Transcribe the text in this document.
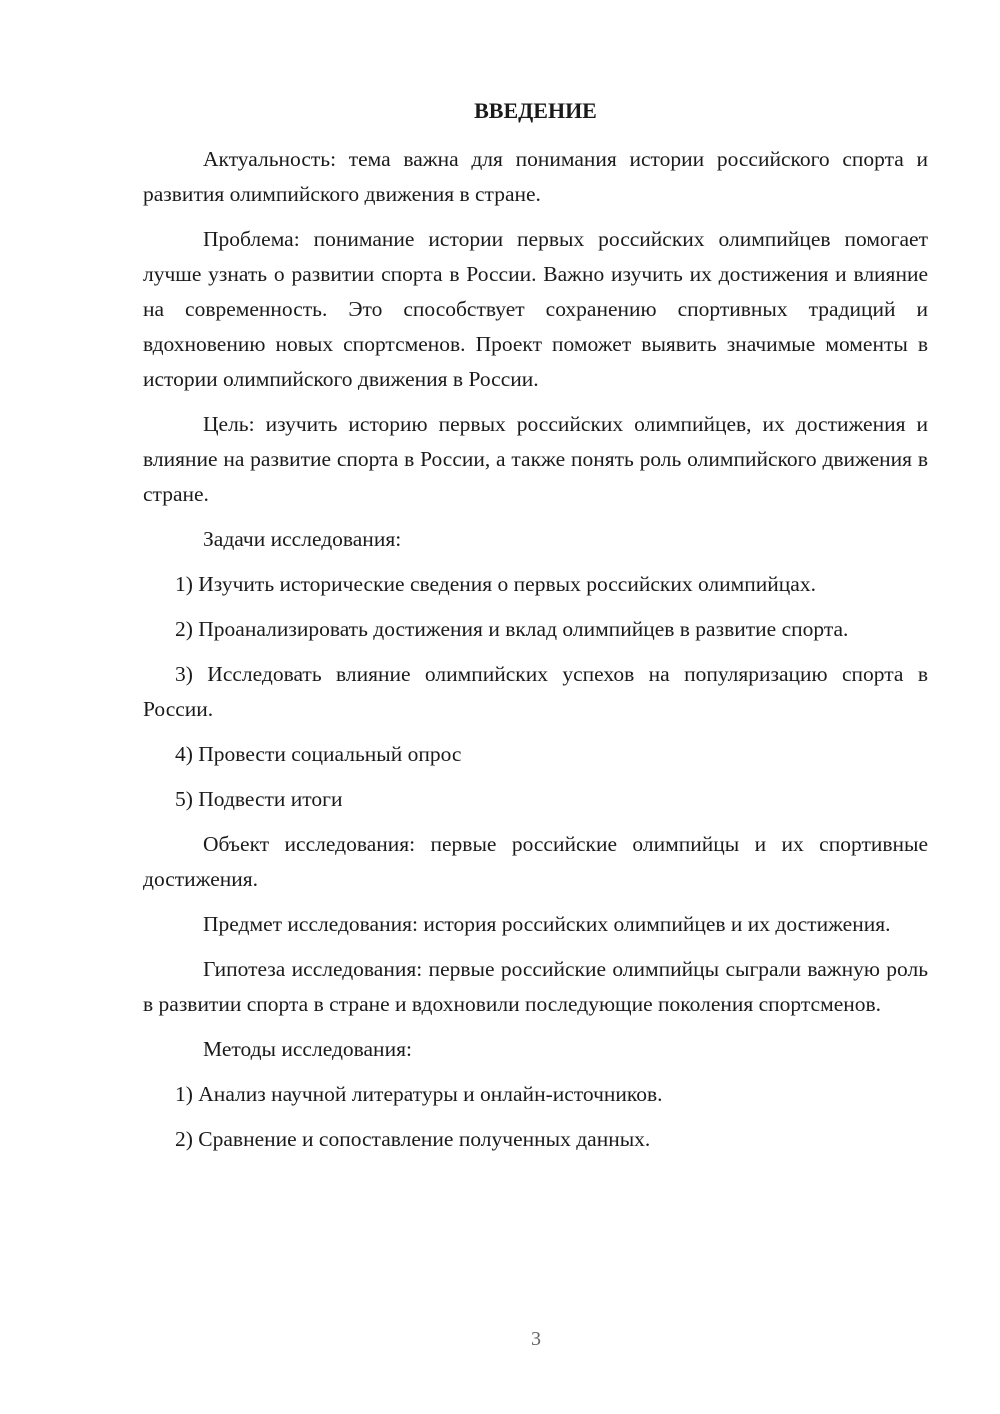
ВВЕДЕНИЕ

Актуальность: тема важна для понимания истории российского спорта и развития олимпийского движения в стране.

Проблема: понимание истории первых российских олимпийцев помогает лучше узнать о развитии спорта в России. Важно изучить их достижения и влияние на современность. Это способствует сохранению спортивных традиций и вдохновению новых спортсменов. Проект поможет выявить значимые моменты в истории олимпийского движения в России.

Цель: изучить историю первых российских олимпийцев, их достижения и влияние на развитие спорта в России, а также понять роль олимпийского движения в стране.

Задачи исследования:

1) Изучить исторические сведения о первых российских олимпийцах.

2) Проанализировать достижения и вклад олимпийцев в развитие спорта.

3) Исследовать влияние олимпийских успехов на популяризацию спорта в России.

4) Провести социальный опрос

5) Подвести итоги

Объект исследования: первые российские олимпийцы и их спортивные достижения.

Предмет исследования: история российских олимпийцев и их достижения.

Гипотеза исследования: первые российские олимпийцы сыграли важную роль в развитии спорта в стране и вдохновили последующие поколения спортсменов.

Методы исследования:

1) Анализ научной литературы и онлайн-источников.

2) Сравнение и сопоставление полученных данных.

3
